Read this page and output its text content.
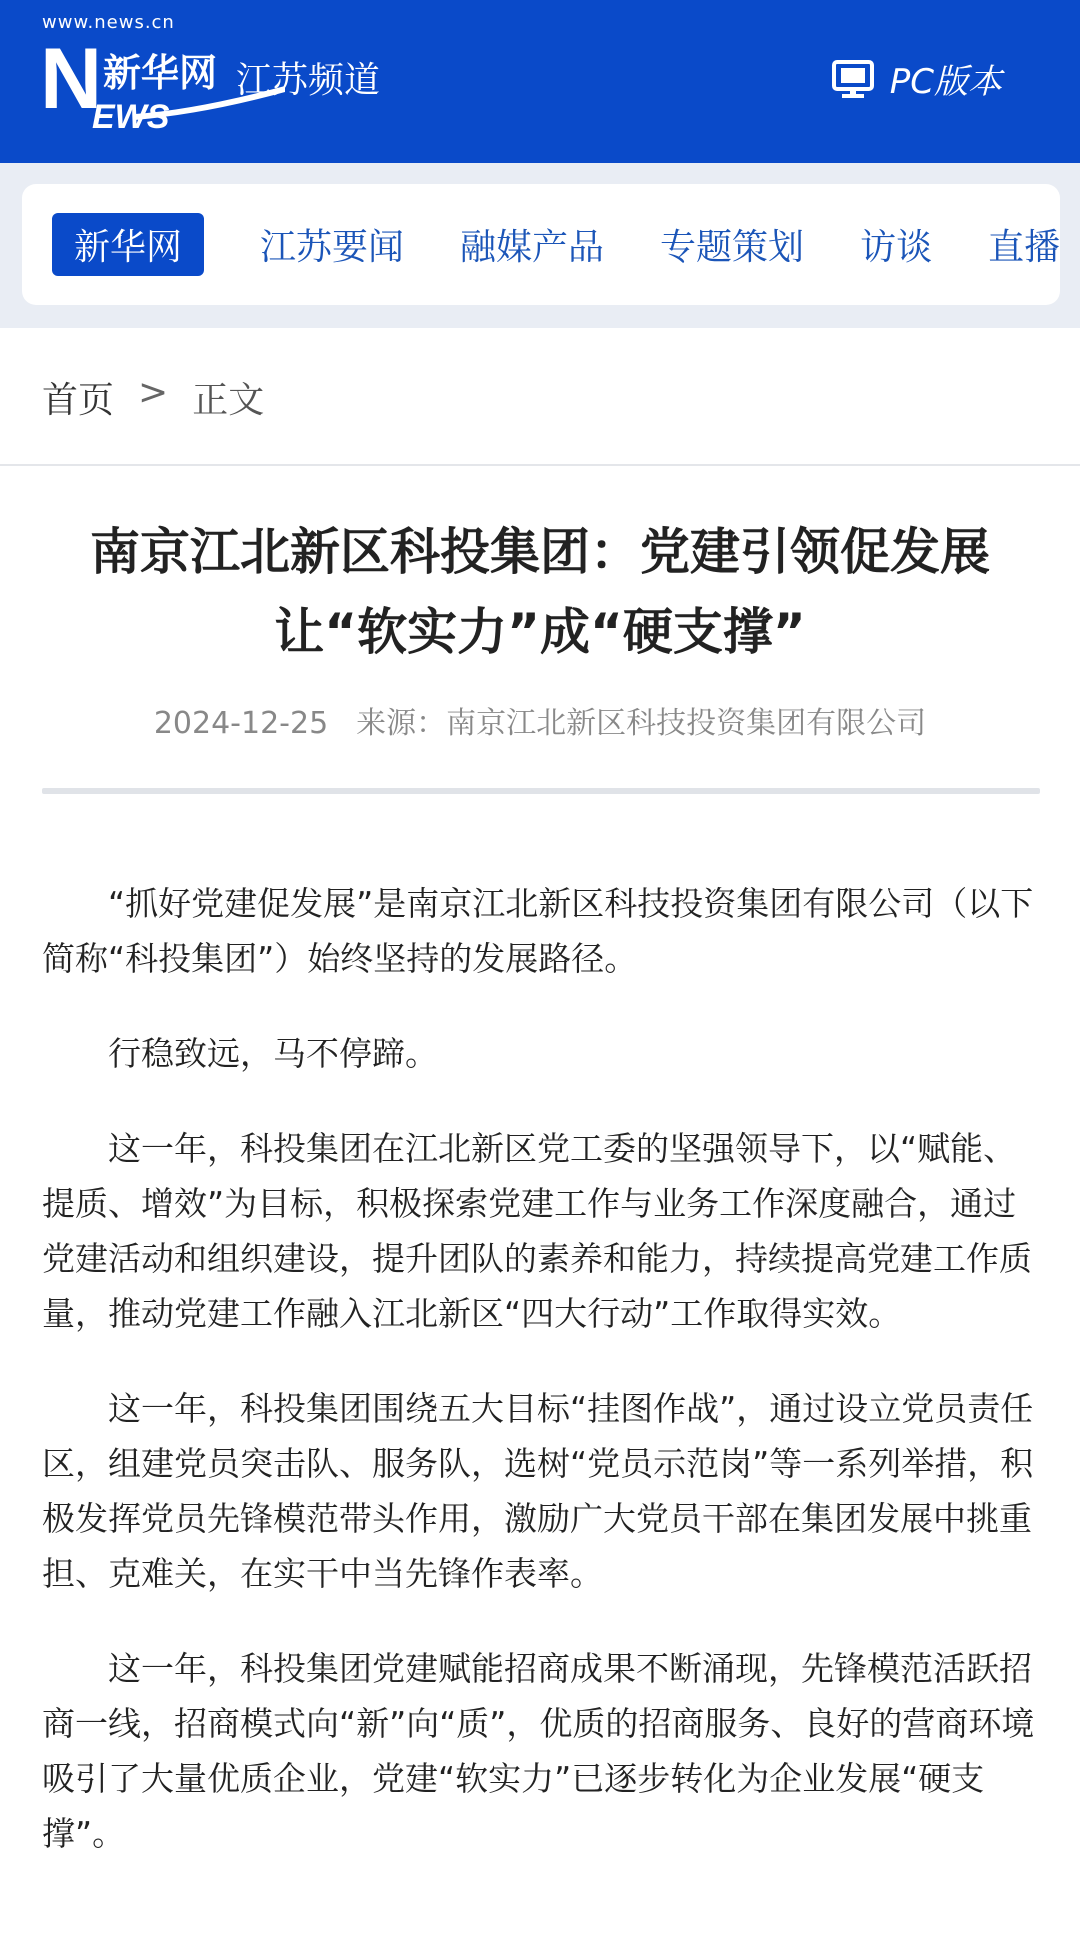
www.news.cn
N
EWS
新华网 江苏频道	PC版本
新华网	江苏要闻 融媒产品 专题策划 访谈 直播
首页 > 正文
南京江北新区科投集团：党建引领促发展
让“软实力”成“硬支撑”
2024-12-25 来源：南京江北新区科技投资集团有限公司

“抓好党建促发展”是南京江北新区科技投资集团有限公司（以下简称“科投集团”）始终坚持的发展路径。

行稳致远，马不停蹄。

这一年，科投集团在江北新区党工委的坚强领导下，以“赋能、提质、增效”为目标，积极探索党建工作与业务工作深度融合，通过党建活动和组织建设，提升团队的素养和能力，持续提高党建工作质量，推动党建工作融入江北新区“四大行动”工作取得实效。

这一年，科投集团围绕五大目标“挂图作战”，通过设立党员责任区，组建党员突击队、服务队，选树“党员示范岗”等一系列举措，积极发挥党员先锋模范带头作用，激励广大党员干部在集团发展中挑重担、克难关，在实干中当先锋作表率。

这一年，科投集团党建赋能招商成果不断涌现，先锋模范活跃招商一线，招商模式向“新”向“质”，优质的招商服务、良好的营商环境吸引了大量优质企业，党建“软实力”已逐步转化为企业发展“硬支撑”。
